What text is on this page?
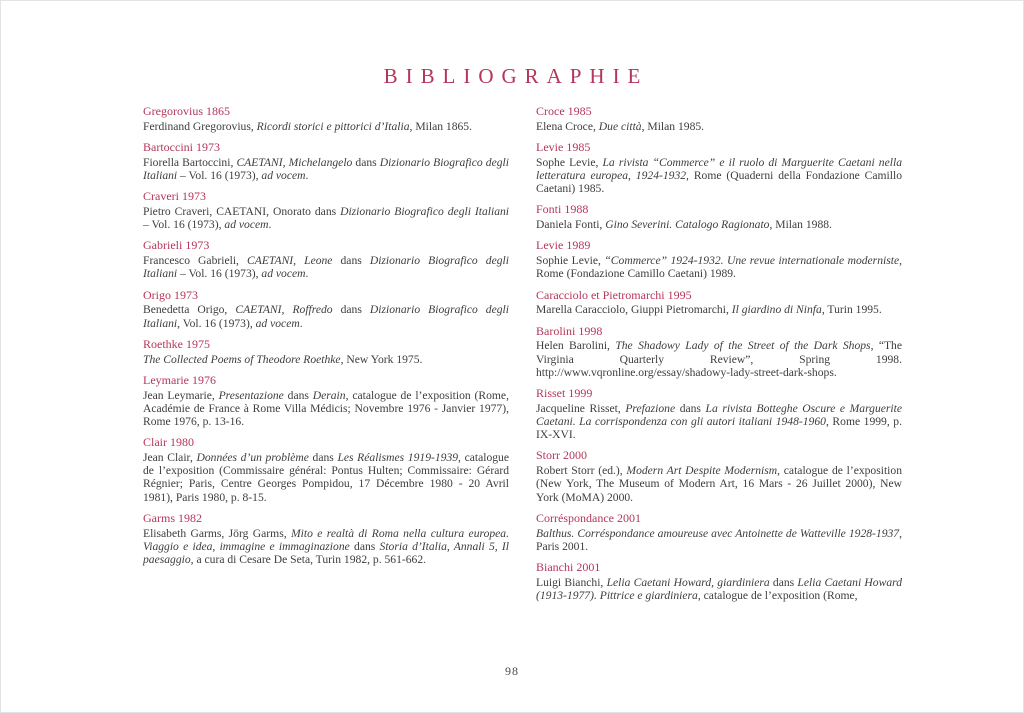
BIBLIOGRAPHIE
Gregorovius 1865

Ferdinand Gregorovius, Ricordi storici e pittorici d’Italia, Milan 1865.

Bartoccini 1973

Fiorella Bartoccini, CAETANI, Michelangelo dans Dizionario Biografico degli Italiani – Vol. 16 (1973), ad vocem.

Craveri 1973

Pietro Craveri, CAETANI, Onorato dans Dizionario Biografico degli Italiani – Vol. 16 (1973), ad vocem.

Gabrieli 1973

Francesco Gabrieli, CAETANI, Leone dans Dizionario Biografico degli Italiani – Vol. 16 (1973), ad vocem.

Origo 1973

Benedetta Origo, CAETANI, Roffredo dans Dizionario Biografico degli Italiani, Vol. 16 (1973), ad vocem.

Roethke 1975

The Collected Poems of Theodore Roethke, New York 1975.

Leymarie 1976

Jean Leymarie, Presentazione dans Derain, catalogue de l’exposition (Rome, Académie de France à Rome Villa Médicis; Novembre 1976 - Janvier 1977), Rome 1976, p. 13-16.

Clair 1980

Jean Clair, Données d’un problème dans Les Réalismes 1919-1939, catalogue de l’exposition (Commissaire général: Pontus Hulten; Commissaire: Gérard Régnier; Paris, Centre Georges Pompidou, 17 Décembre 1980 - 20 Avril 1981), Paris 1980, p. 8-15.

Garms 1982

Elisabeth Garms, Jörg Garms, Mito e realtà di Roma nella cultura europea. Viaggio e idea, immagine e immaginazione dans Storia d’Italia, Annali 5, Il paesaggio, a cura di Cesare De Seta, Turin 1982, p. 561-662.

Croce 1985

Elena Croce, Due città, Milan 1985.

Levie 1985

Sophe Levie, La rivista “Commerce” e il ruolo di Marguerite Caetani nella letteratura europea, 1924-1932, Rome (Quaderni della Fondazione Camillo Caetani) 1985.

Fonti 1988

Daniela Fonti, Gino Severini. Catalogo Ragionato, Milan 1988.

Levie 1989

Sophie Levie, “Commerce” 1924-1932. Une revue internationale moderniste, Rome (Fondazione Camillo Caetani) 1989.

Caracciolo et Pietromarchi 1995

Marella Caracciolo, Giuppi Pietromarchi, Il giardino di Ninfa, Turin 1995.

Barolini 1998

Helen Barolini, The Shadowy Lady of the Street of the Dark Shops, “The Virginia Quarterly Review”, Spring 1998. http://www.vqronline.org/essay/shadowy-lady-street-dark-shops.

Risset 1999

Jacqueline Risset, Prefazione dans La rivista Botteghe Oscure e Marguerite Caetani. La corrispondenza con gli autori italiani 1948-1960, Rome 1999, p. IX-XVI.

Storr 2000

Robert Storr (ed.), Modern Art Despite Modernism, catalogue de l’exposition (New York, The Museum of Modern Art, 16 Mars - 26 Juillet 2000), New York (MoMA) 2000.

Corréspondance 2001

Balthus. Corréspondance amoureuse avec Antoinette de Watteville 1928-1937, Paris 2001.

Bianchi 2001

Luigi Bianchi, Lelia Caetani Howard, giardiniera dans Lelia Caetani Howard (1913-1977). Pittrice e giardiniera, catalogue de l’exposition (Rome,

98
